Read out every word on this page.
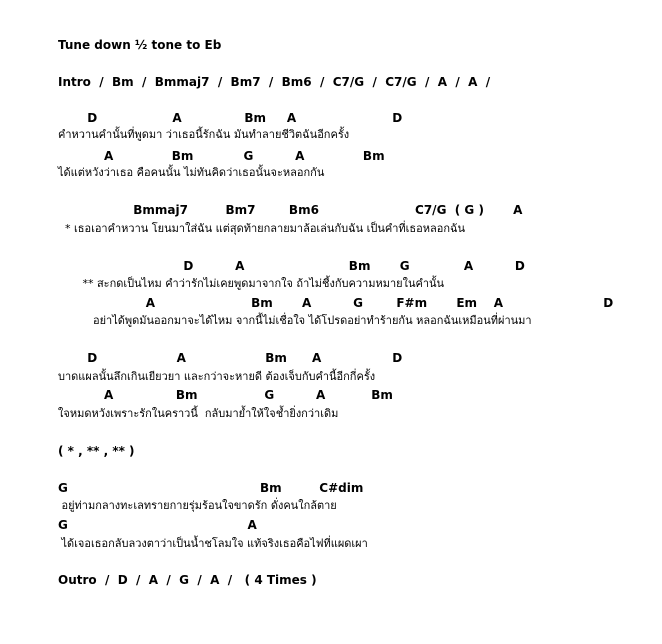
Tune down ½ tone to Eb
Intro  /  Bm  /  Bmmaj7  /  Bm7  /  Bm6  /  C7/G  /  C7/G  /  A  /  A  /
D                  A               Bm     A                       D
คำหวานคำนั้นที่พูดมา ว่าเธอนี้รักฉัน มันทำลายชีวิตฉันอีกครั้ง
A              Bm            G          A              Bm
ได้แต่หวังว่าเธอ คือคนนั้น ไม่ทันคิดว่าเธอนั้นจะหลอกกัน
Bmmaj7         Bm7        Bm6                       C7/G  ( G )       A
* เธอเอาคำหวาน โยนมาใส่ฉัน แต่สุดท้ายกลายมาล้อเล่นกับฉัน เป็นคำที่เธอหลอกฉัน
D          A                         Bm       G             A          D
** สะกดเป็นไหม คำว่ารักไม่เคยพูดมาจากใจ ถ้าไม่ชี้งกับความหมายในคำนั้น
A                       Bm       A          G        F#m       Em    A                        D
อย่าได้พูดมันออกมาจะได้ไหม จากนี้ไม่เชื่อใจ ได้โปรดอย่าทำร้ายกัน หลอกฉันเหมือนที่ผ่านมา
D                   A                   Bm      A                 D
บาดแผลนั้นลึกเกินเยียวยา และกว่าจะหายดี ต้องเจ็บกับคำนี้อีกกี่ครั้ง
A               Bm                G          A           Bm
ใจหมดหวังเพราะรักในคราวนี้  กลับมาย้ำให้ใจช้ำยิ่งกว่าเดิม
( * , ** , ** )
G                                              Bm         C#dim
อยู่ท่ามกลางทะเลทรายกายรุ่มร้อนใจขาดรัก ดั่งคนใกล้ตาย
G                                           A
ได้เจอเธอกลับลวงตาว่าเป็นน้ำชโลมใจ แท้จริงเธอคือไฟที่แผดเผา
Outro  /  D  /  A  /  G  /  A  /   ( 4 Times )
